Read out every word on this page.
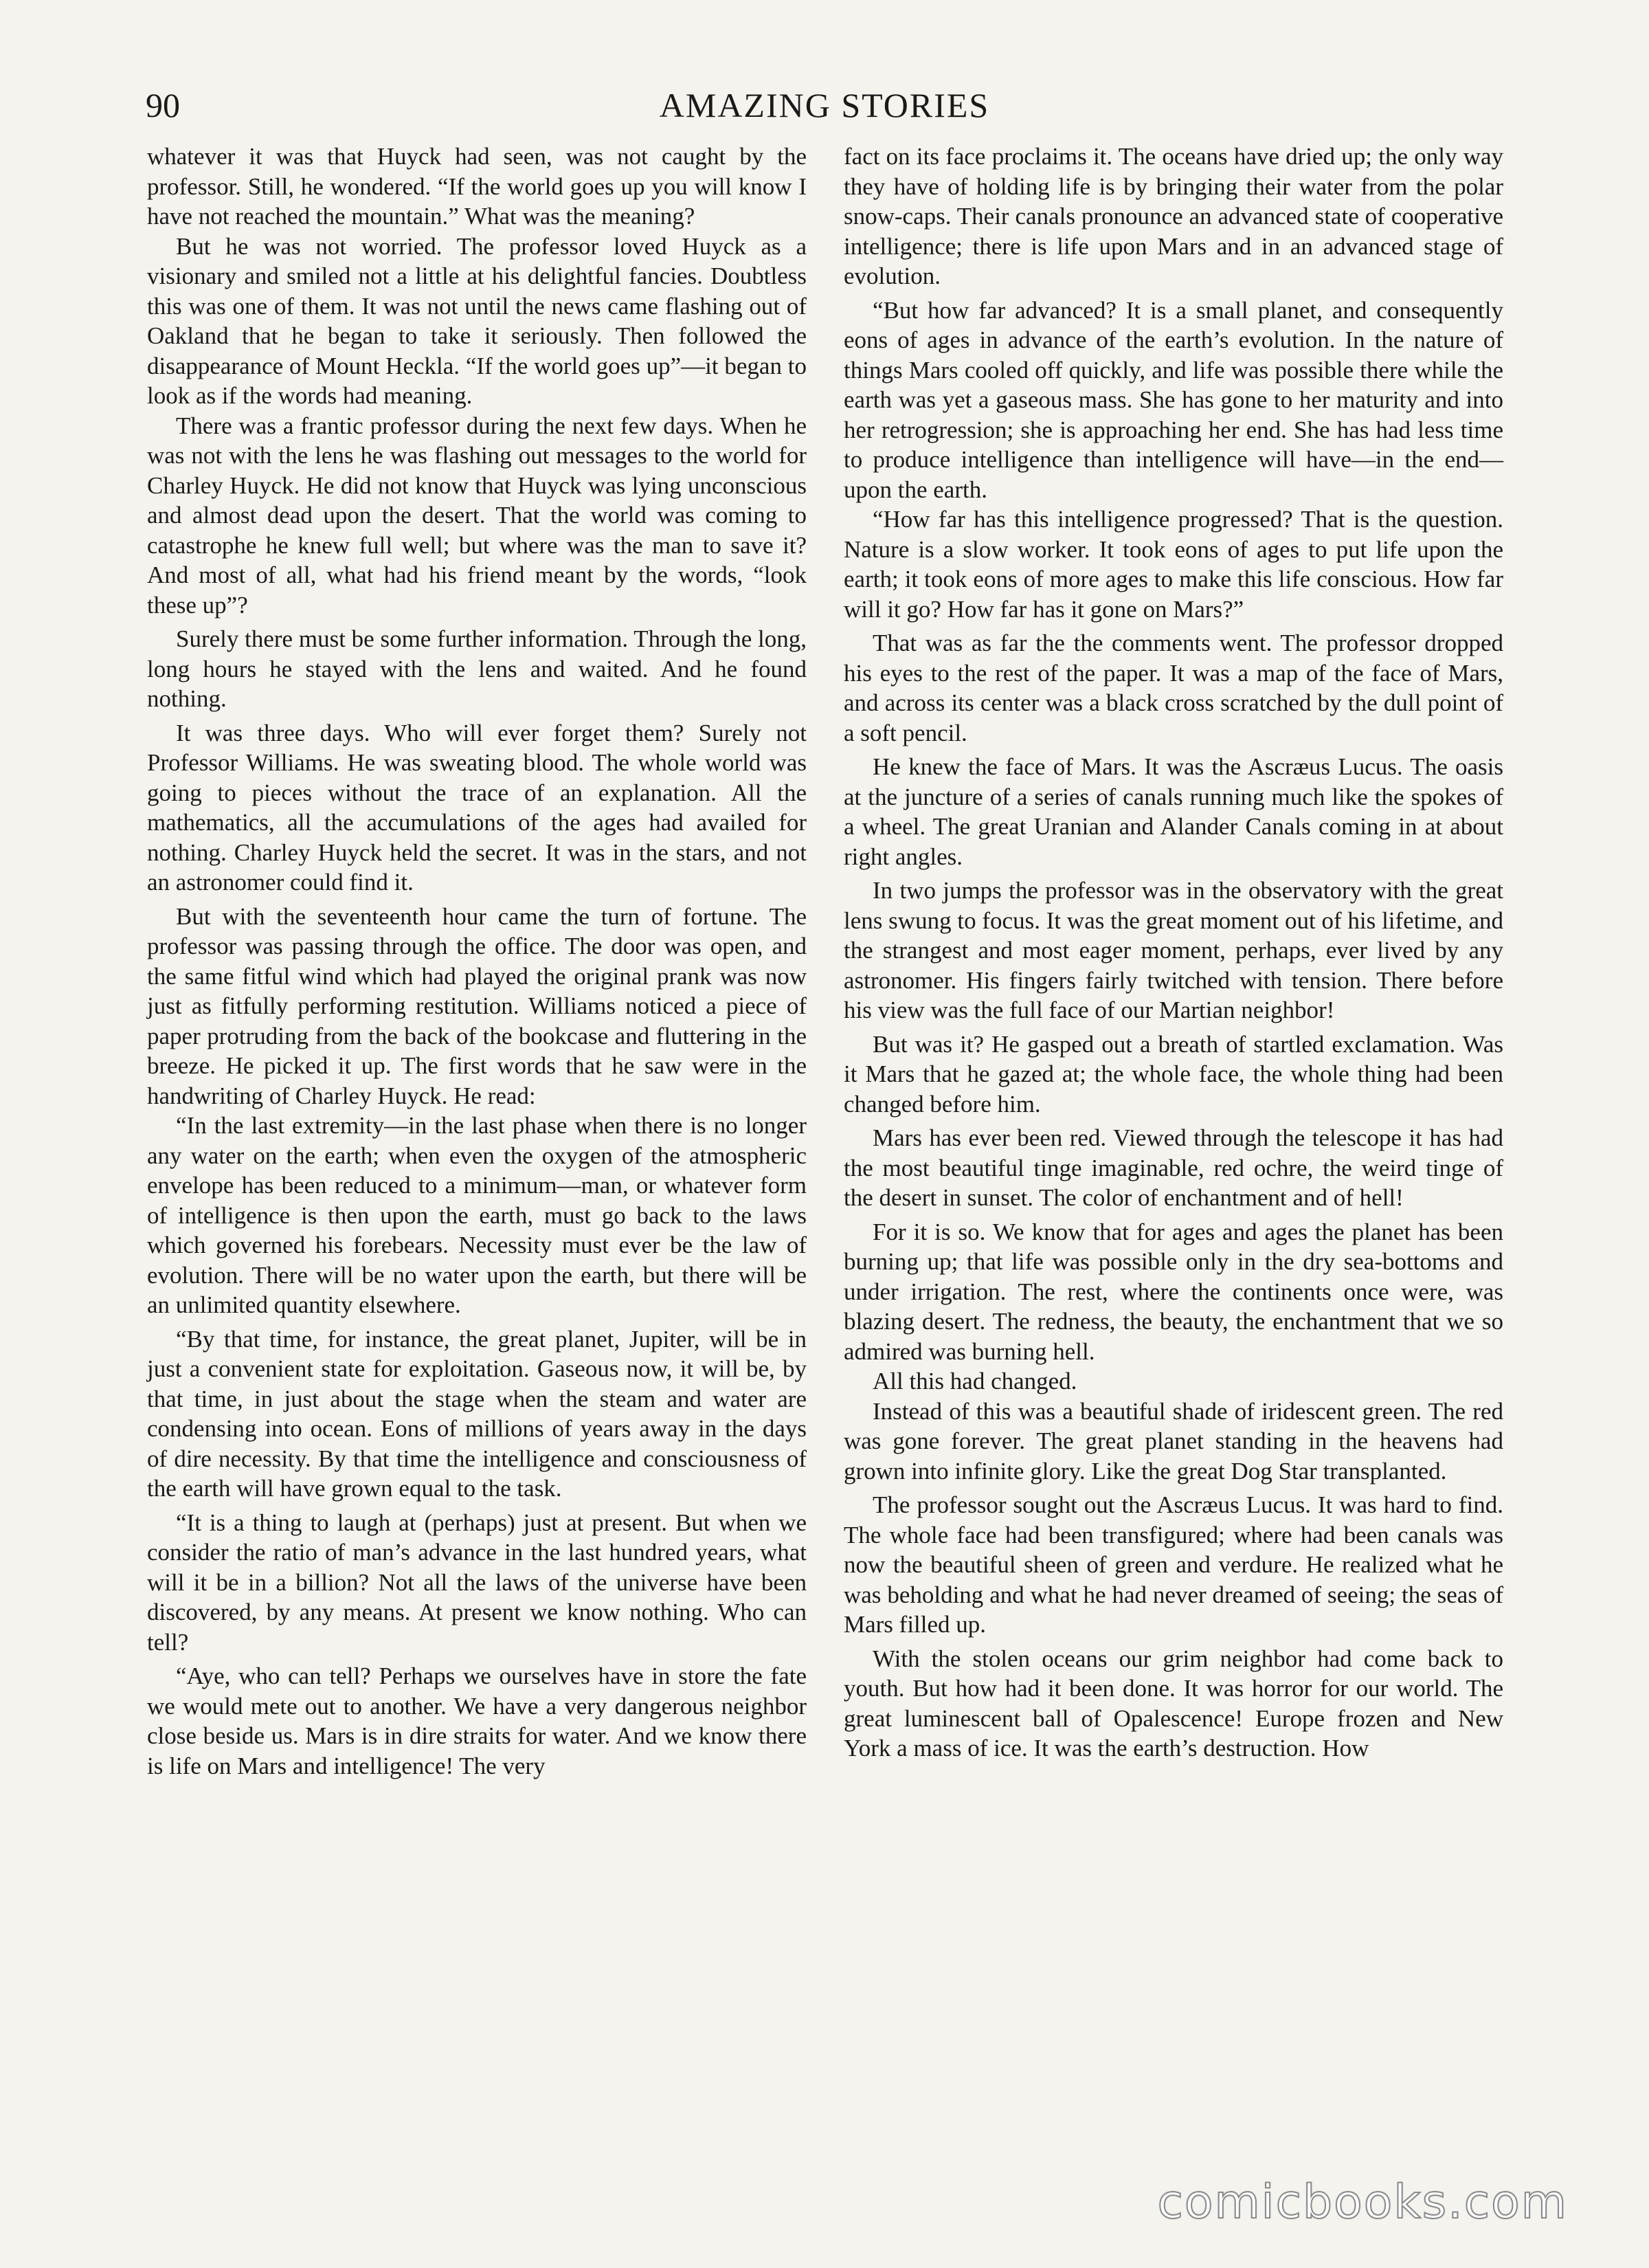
90	AMAZING STORIES

whatever it was that Huyck had seen, was not caught by the professor. Still, he wondered. “If the world goes up you will know I have not reached the mountain.” What was the meaning?

But he was not worried. The professor loved Huyck as a visionary and smiled not a little at his delightful fancies. Doubtless this was one of them. It was not until the news came flashing out of Oakland that he began to take it seriously. Then followed the disappearance of Mount Heckla. “If the world goes up”—it began to look as if the words had meaning.

There was a frantic professor during the next few days. When he was not with the lens he was flashing out messages to the world for Charley Huyck. He did not know that Huyck was lying unconscious and almost dead upon the desert. That the world was coming to catastrophe he knew full well; but where was the man to save it? And most of all, what had his friend meant by the words, “look these up”?

Surely there must be some further information. Through the long, long hours he stayed with the lens and waited. And he found nothing.

It was three days. Who will ever forget them? Surely not Professor Williams. He was sweating blood. The whole world was going to pieces without the trace of an explanation. All the mathematics, all the accumulations of the ages had availed for nothing. Charley Huyck held the secret. It was in the stars, and not an astronomer could find it.

But with the seventeenth hour came the turn of fortune. The professor was passing through the office. The door was open, and the same fitful wind which had played the original prank was now just as fitfully performing restitution. Williams noticed a piece of paper protruding from the back of the bookcase and fluttering in the breeze. He picked it up. The first words that he saw were in the handwriting of Charley Huyck. He read:

“In the last extremity—in the last phase when there is no longer any water on the earth; when even the oxygen of the atmospheric envelope has been reduced to a minimum—man, or whatever form of intelligence is then upon the earth, must go back to the laws which governed his forebears. Necessity must ever be the law of evolution. There will be no water upon the earth, but there will be an unlimited quantity elsewhere.

“By that time, for instance, the great planet, Jupiter, will be in just a convenient state for exploitation. Gaseous now, it will be, by that time, in just about the stage when the steam and water are condensing into ocean. Eons of millions of years away in the days of dire necessity. By that time the intelligence and consciousness of the earth will have grown equal to the task.

“It is a thing to laugh at (perhaps) just at present. But when we consider the ratio of man’s advance in the last hundred years, what will it be in a billion? Not all the laws of the universe have been discovered, by any means. At present we know nothing. Who can tell?

“Aye, who can tell? Perhaps we ourselves have in store the fate we would mete out to another. We have a very dangerous neighbor close beside us. Mars is in dire straits for water. And we know there is life on Mars and intelligence! The very

fact on its face proclaims it. The oceans have dried up; the only way they have of holding life is by bringing their water from the polar snow-caps. Their canals pronounce an advanced state of cooperative intelligence; there is life upon Mars and in an advanced stage of evolution.

“But how far advanced? It is a small planet, and consequently eons of ages in advance of the earth’s evolution. In the nature of things Mars cooled off quickly, and life was possible there while the earth was yet a gaseous mass. She has gone to her maturity and into her retrogression; she is approaching her end. She has had less time to produce intelligence than intelligence will have—in the end—upon the earth.

“How far has this intelligence progressed? That is the question. Nature is a slow worker. It took eons of ages to put life upon the earth; it took eons of more ages to make this life conscious. How far will it go? How far has it gone on Mars?”

That was as far the the comments went. The professor dropped his eyes to the rest of the paper. It was a map of the face of Mars, and across its center was a black cross scratched by the dull point of a soft pencil.

He knew the face of Mars. It was the Ascræus Lucus. The oasis at the juncture of a series of canals running much like the spokes of a wheel. The great Uranian and Alander Canals coming in at about right angles.

In two jumps the professor was in the observatory with the great lens swung to focus. It was the great moment out of his lifetime, and the strangest and most eager moment, perhaps, ever lived by any astronomer. His fingers fairly twitched with tension. There before his view was the full face of our Martian neighbor!

But was it? He gasped out a breath of startled exclamation. Was it Mars that he gazed at; the whole face, the whole thing had been changed before him.

Mars has ever been red. Viewed through the telescope it has had the most beautiful tinge imaginable, red ochre, the weird tinge of the desert in sunset. The color of enchantment and of hell!

For it is so. We know that for ages and ages the planet has been burning up; that life was possible only in the dry sea-bottoms and under irrigation. The rest, where the continents once were, was blazing desert. The redness, the beauty, the enchantment that we so admired was burning hell.

All this had changed.

Instead of this was a beautiful shade of iridescent green. The red was gone forever. The great planet standing in the heavens had grown into infinite glory. Like the great Dog Star transplanted.

The professor sought out the Ascræus Lucus. It was hard to find. The whole face had been transfigured; where had been canals was now the beautiful sheen of green and verdure. He realized what he was beholding and what he had never dreamed of seeing; the seas of Mars filled up.

With the stolen oceans our grim neighbor had come back to youth. But how had it been done. It was horror for our world. The great luminescent ball of Opalescence! Europe frozen and New York a mass of ice. It was the earth’s destruction. How

comicbooks.com
